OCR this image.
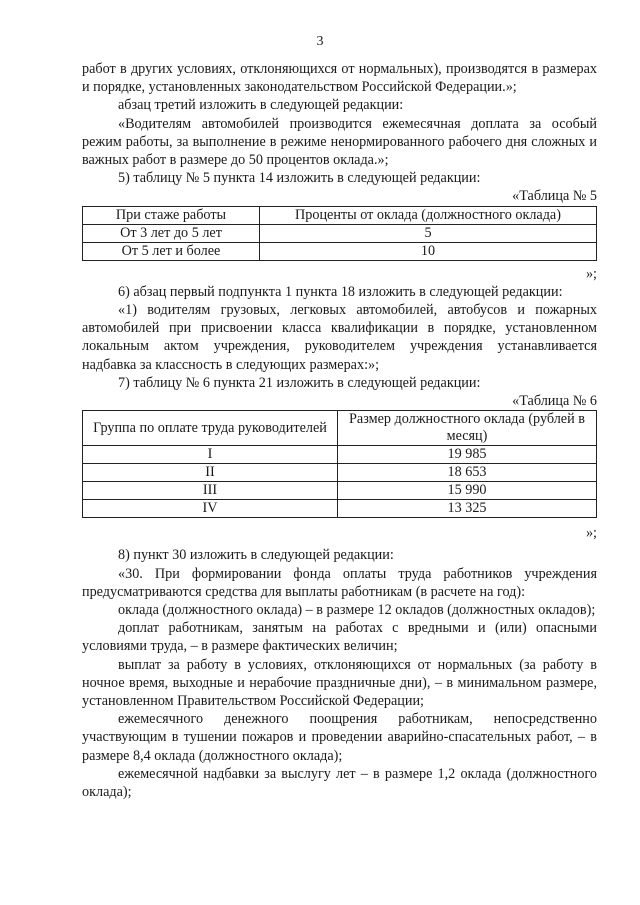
3

работ в других условиях, отклоняющихся от нормальных), производятся в размерах и порядке, установленных законодательством Российской Федерации.»;

абзац третий изложить в следующей редакции:

«Водителям автомобилей производится ежемесячная доплата за особый режим работы, за выполнение в режиме ненормированного рабочего дня сложных и важных работ в размере до 50 процентов оклада.»;

5) таблицу № 5 пункта 14 изложить в следующей редакции:

«Таблица № 5

При стаже работы	Проценты от оклада (должностного оклада)
От 3 лет до 5 лет	5
От 5 лет и более	10

»;

6) абзац первый подпункта 1 пункта 18 изложить в следующей редакции:

«1) водителям грузовых, легковых автомобилей, автобусов и пожарных автомобилей при присвоении класса квалификации в порядке, установленном локальным актом учреждения, руководителем учреждения устанавливается надбавка за классность в следующих размерах:»;

7) таблицу № 6 пункта 21 изложить в следующей редакции:

«Таблица № 6

Группа по оплате труда руководителей	Размер должностного оклада (рублей в месяц)
I	19 985
II	18 653
III	15 990
IV	13 325

»;

8) пункт 30 изложить в следующей редакции:

«30. При формировании фонда оплаты труда работников учреждения предусматриваются средства для выплаты работникам (в расчете на год):

оклада (должностного оклада) – в размере 12 окладов (должностных окладов);

доплат работникам, занятым на работах с вредными и (или) опасными условиями труда, – в размере фактических величин;

выплат за работу в условиях, отклоняющихся от нормальных (за работу в ночное время, выходные и нерабочие праздничные дни), – в минимальном размере, установленном Правительством Российской Федерации;

ежемесячного денежного поощрения работникам, непосредственно участвующим в тушении пожаров и проведении аварийно-спасательных работ, – в размере 8,4 оклада (должностного оклада);

ежемесячной надбавки за выслугу лет – в размере 1,2 оклада (должностного оклада);
